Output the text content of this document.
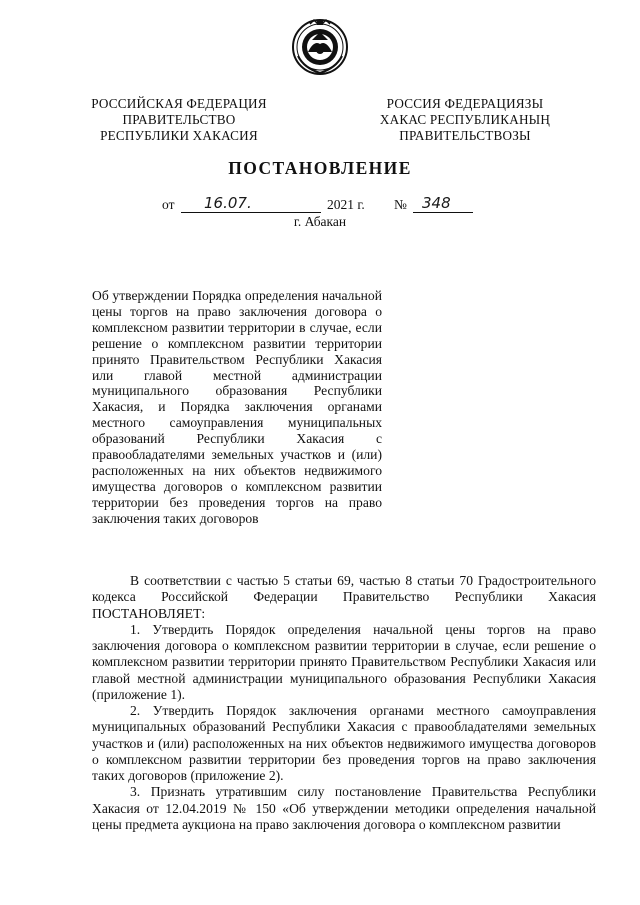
РОССИЙСКАЯ ФЕДЕРАЦИЯ
ПРАВИТЕЛЬСТВО
РЕСПУБЛИКИ ХАКАСИЯ
РОССИЯ ФЕДЕРАЦИЯЗЫ
ХАКАС РЕСПУБЛИКАНЫҢ
ПРАВИТЕЛЬСТВОЗЫ
ПОСТАНОВЛЕНИЕ
от 16.07.	2021 г. № 348
г. Абакан
Об утверждении Порядка определения начальной цены торгов на право заключения договора о комплексном развитии территории в случае, если решение о комплексном развитии территории принято Правительством Республики Хакасия или главой местной администрации муниципального образования Республики Хакасия, и Порядка заключения органами местного самоуправления муниципальных образований Республики Хакасия с правообладателями земельных участков и (или) расположенных на них объектов недвижимого имущества договоров о комплексном развитии территории без проведения торгов на право заключения таких договоров

В соответствии с частью 5 статьи 69, частью 8 статьи 70 Градостроительного кодекса Российской Федерации Правительство Республики Хакасия ПОСТАНОВЛЯЕТ:

1. Утвердить Порядок определения начальной цены торгов на право заключения договора о комплексном развитии территории в случае, если решение о комплексном развитии территории принято Правительством Республики Хакасия или главой местной администрации муниципального образования Республики Хакасия (приложение 1).

2. Утвердить Порядок заключения органами местного самоуправления муниципальных образований Республики Хакасия с правообладателями земельных участков и (или) расположенных на них объектов недвижимого имущества договоров о комплексном развитии территории без проведения торгов на право заключения таких договоров (приложение 2).

3. Признать утратившим силу постановление Правительства Республики Хакасия от 12.04.2019 № 150 «Об утверждении методики определения начальной цены предмета аукциона на право заключения договора о комплексном развитии
